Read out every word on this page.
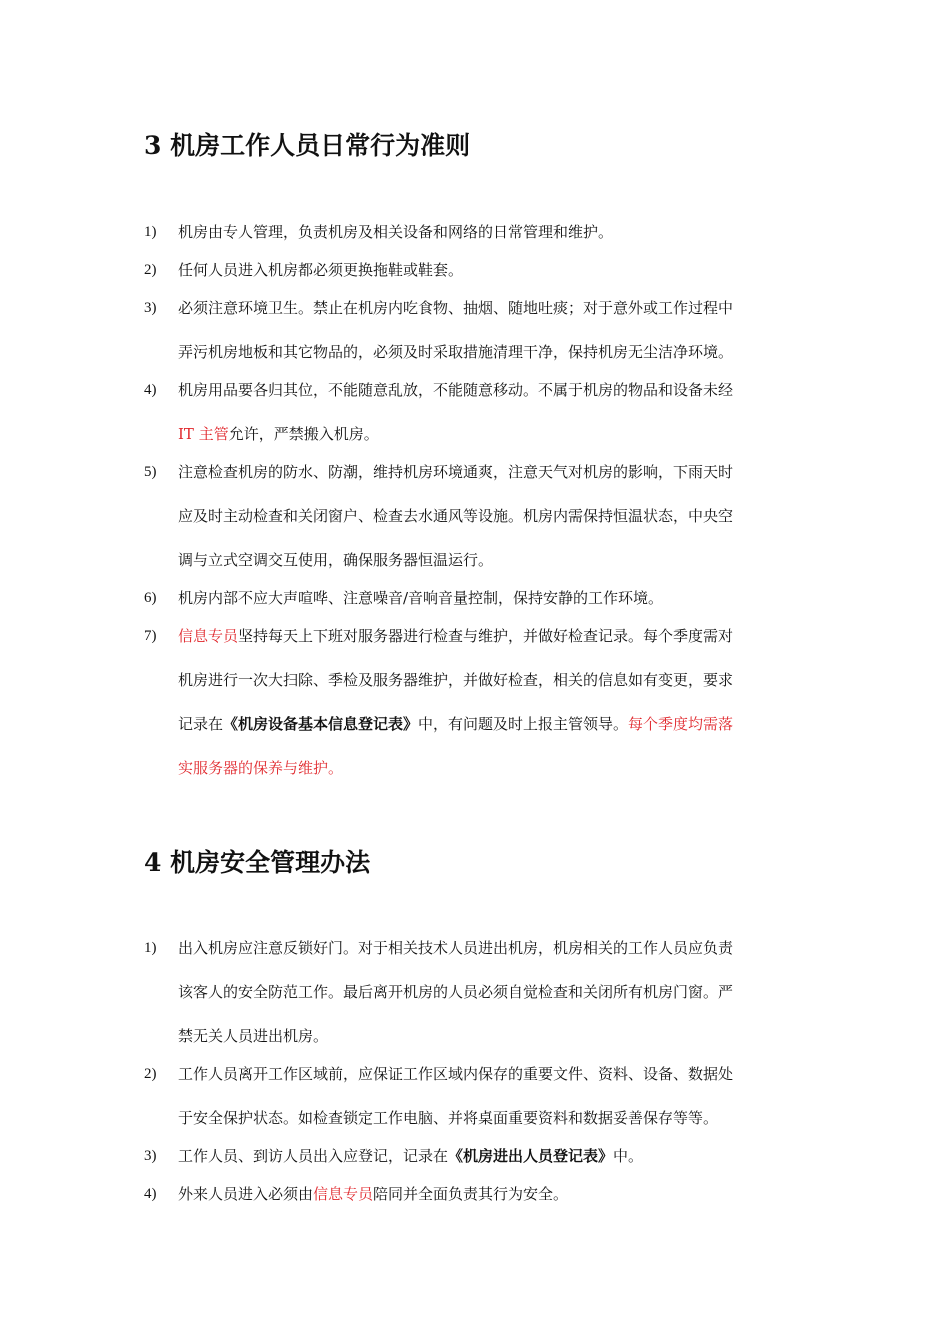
3 机房工作人员日常行为准则
1)	机房由专人管理，负责机房及相关设备和网络的日常管理和维护。
2)	任何人员进入机房都必须更换拖鞋或鞋套。
3)	必须注意环境卫生。禁止在机房内吃食物、抽烟、随地吐痰；对于意外或工作过程中
弄污机房地板和其它物品的，必须及时采取措施清理干净，保持机房无尘洁净环境。
4)	机房用品要各归其位，不能随意乱放，不能随意移动。不属于机房的物品和设备未经
IT 主管允许，严禁搬入机房。
5)	注意检查机房的防水、防潮，维持机房环境通爽，注意天气对机房的影响，下雨天时
应及时主动检查和关闭窗户、检查去水通风等设施。机房内需保持恒温状态，中央空
调与立式空调交互使用，确保服务器恒温运行。
6)	机房内部不应大声喧哗、注意噪音/音响音量控制，保持安静的工作环境。
7)	信息专员坚持每天上下班对服务器进行检查与维护，并做好检查记录。每个季度需对
机房进行一次大扫除、季检及服务器维护，并做好检查，相关的信息如有变更，要求
记录在《机房设备基本信息登记表》中，有问题及时上报主管领导。每个季度均需落
实服务器的保养与维护。
4 机房安全管理办法
1)	出入机房应注意反锁好门。对于相关技术人员进出机房，机房相关的工作人员应负责
该客人的安全防范工作。最后离开机房的人员必须自觉检查和关闭所有机房门窗。严
禁无关人员进出机房。
2)	工作人员离开工作区域前，应保证工作区域内保存的重要文件、资料、设备、数据处
于安全保护状态。如检查锁定工作电脑、并将桌面重要资料和数据妥善保存等等。
3)	工作人员、到访人员出入应登记，记录在《机房进出人员登记表》中。
4)	外来人员进入必须由信息专员陪同并全面负责其行为安全。
